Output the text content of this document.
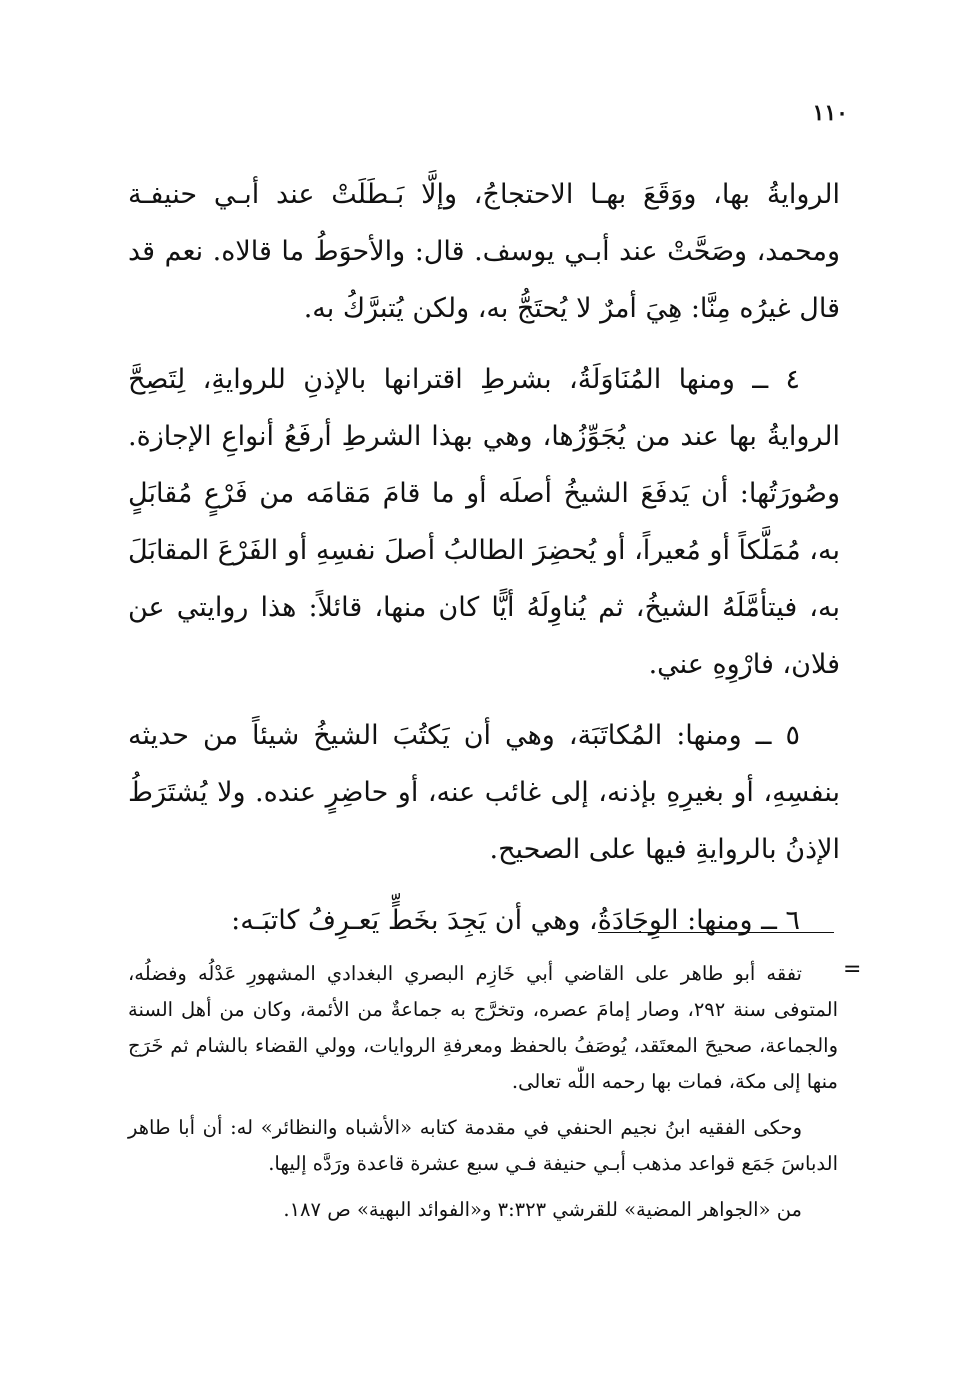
١١٠

الروايةُ بها، ووَقَعَ بهـا الاحتجاجُ، وإلَّا بَـطَلَتْ عند أبـي حنيفـة ومحمد، وصَحَّتْ عند أبـي يوسف. قال: والأحوَطُ ما قالاه. نعم قد قال غيرُه مِنَّا: هِيَ أمرٌ لا يُحتَجُّ به، ولكن يُتبرَّكُ به.

٤ ــ ومنها المُنَاوَلَةُ، بشرطِ اقترانها بالإذنِ للروايةِ، لِتَصِحَّ الروايةُ بها عند من يُجَوِّزُها، وهي بهذا الشرطِ أرفَعُ أنواعِ الإجازة. وصُورَتُها: أن يَدفَعَ الشيخُ أصلَه أو ما قامَ مَقامَه من فَرْعٍ مُقابَلٍ به، مُمَلَّكاً أو مُعيراً، أو يُحضِرَ الطالبُ أصلَ نفسِهِ أو الفَرْعَ المقابَلَ به، فيتأمَّلَهُ الشيخُ، ثم يُناوِلَهُ أيًّا كان منها، قائلاً: هذا روايتي عن فلان، فارْوِهِ عني.

٥ ــ ومنها: المُكاتَبَة، وهي أن يَكتُبَ الشيخُ شيئاً من حديثه بنفسِهِ، أو بغيرِهِ بإذنه، إلى غائب عنه، أو حاضِرٍ عنده. ولا يُشتَرَطُ الإذنُ بالروايةِ فيها على الصحيح.

٦ ــ ومنها: الوِجَادَةُ، وهي أن يَجِدَ بخَطٍّ يَعـرِفُ كاتبَـه:

=

تفقه أبو طاهر على القاضي أبي خَازِم البصري البغدادي المشهورِ عَدْلُه وفضلُه، المتوفى سنة ٢٩٢، وصار إمامَ عصره، وتخرَّج به جماعةٌ من الأئمة، وكان من أهل السنة والجماعة، صحيحَ المعتَقد، يُوصَفُ بالحفظ ومعرفةِ الروايات، وولي القضاء بالشام ثم خَرَج منها إلى مكة، فمات بها رحمه اللّٰه تعالى.

وحكى الفقيه ابنُ نجيم الحنفي في مقدمة كتابه «الأشباه والنظائر» له: أن أبا طاهر الدباسَ جَمَع قواعد مذهب أبـي حنيفة فـي سبع عشرة قاعدة ورَدَّه إليها.

من «الجواهر المضية» للقرشي ٣:٣٢٣ و«الفوائد البهية» ص ١٨٧.
